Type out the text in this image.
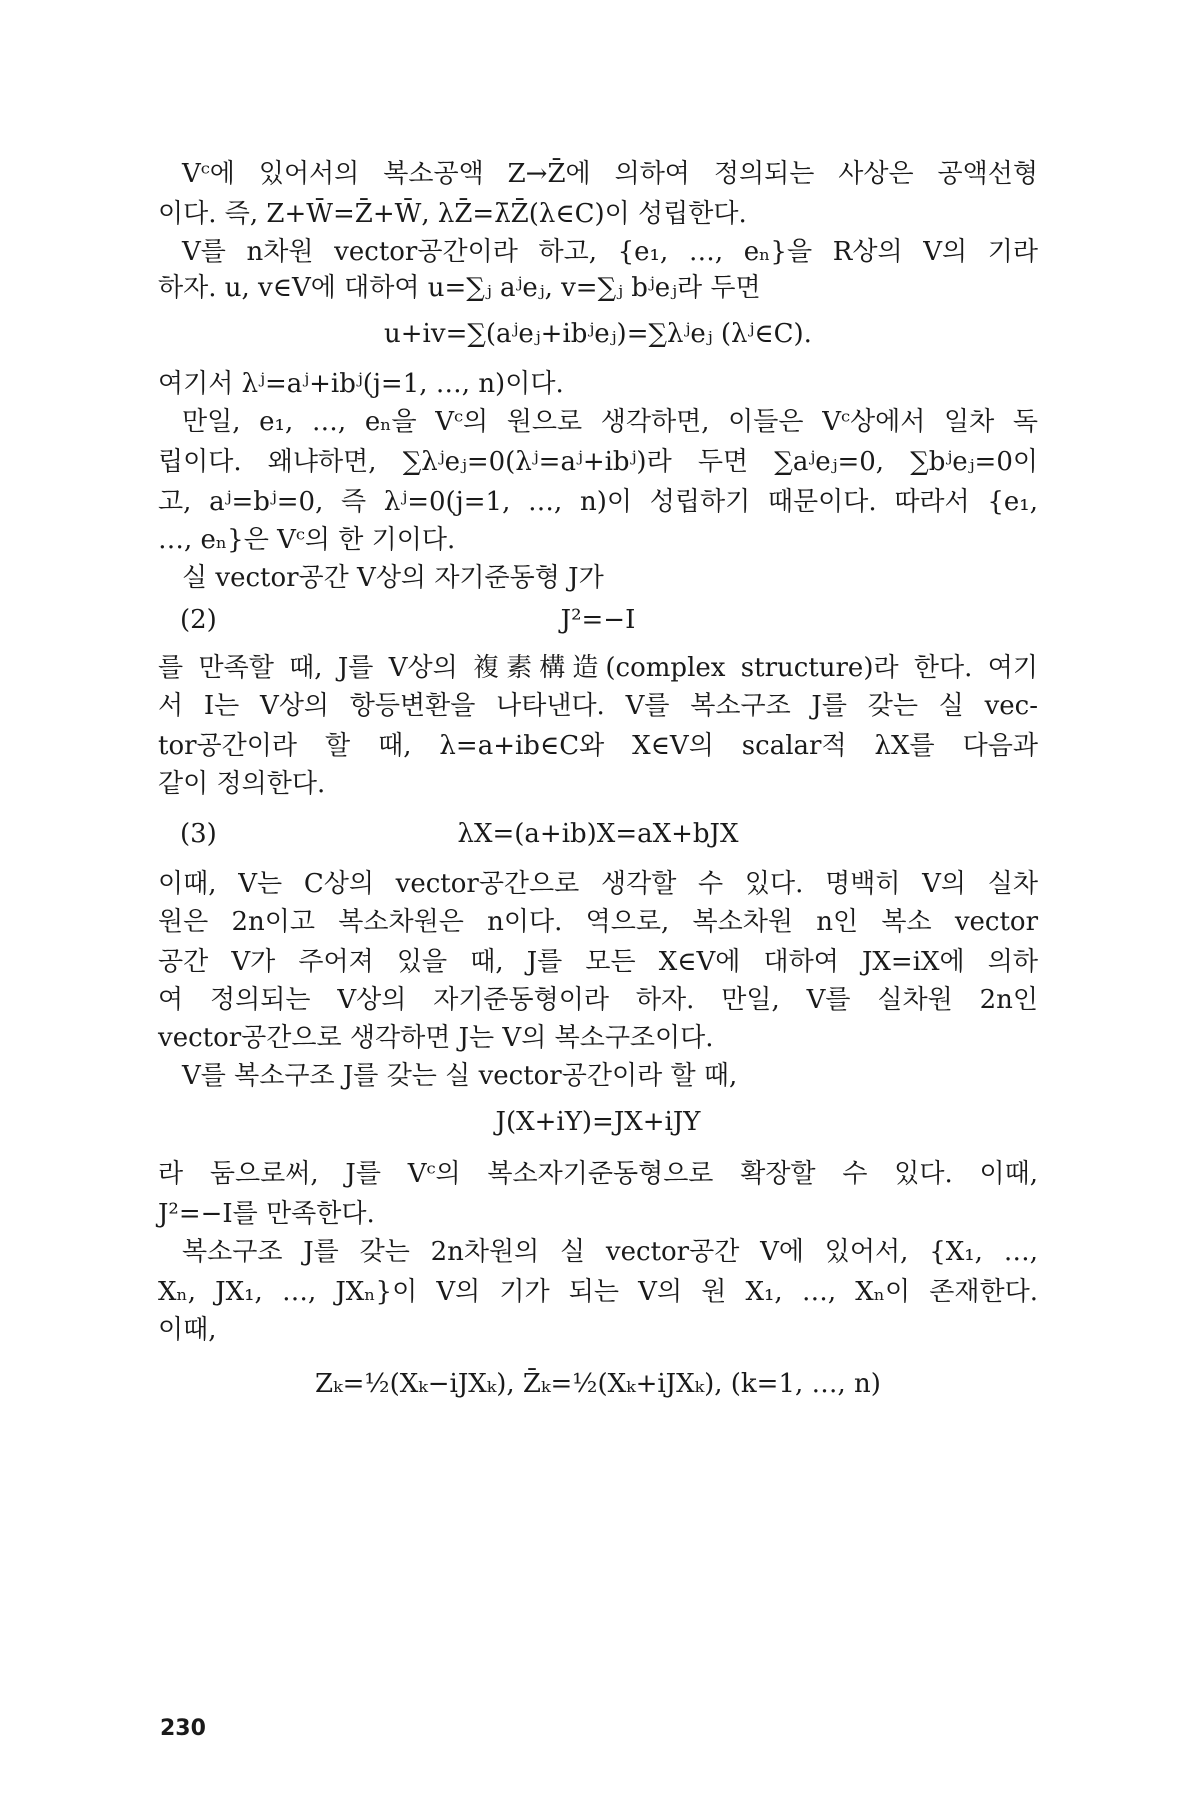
Vᶜ에 있어서의 복소공액 Z→Z̄에 의하여 정의되는 사상은 공액선형
이다. 즉, Z+W̄=Z̄+W̄, λZ̄=λ̄Z̄(λ∈C)이 성립한다.
V를 n차원 vector공간이라 하고, {e₁, …, eₙ}을 R상의 V의 기라
하자. u, v∈V에 대하여 u=∑ⱼ aʲeⱼ, v=∑ⱼ bʲeⱼ라 두면
u+iv=∑(aʲeⱼ+ibʲeⱼ)=∑λʲeⱼ (λʲ∈C).
여기서 λʲ=aʲ+ibʲ(j=1, …, n)이다.
만일, e₁, …, eₙ을 Vᶜ의 원으로 생각하면, 이들은 Vᶜ상에서 일차 독
립이다. 왜냐하면, ∑λʲeⱼ=0(λʲ=aʲ+ibʲ)라 두면 ∑aʲeⱼ=0, ∑bʲeⱼ=0이
고, aʲ=bʲ=0, 즉 λʲ=0(j=1, …, n)이 성립하기 때문이다. 따라서 {e₁,
…, eₙ}은 Vᶜ의 한 기이다.
실 vector공간 V상의 자기준동형 J가
(2)	J²=−I
를 만족할 때, J를 V상의 複素構造(complex structure)라 한다. 여기
서 I는 V상의 항등변환을 나타낸다. V를 복소구조 J를 갖는 실 vec-
tor공간이라 할 때, λ=a+ib∈C와 X∈V의 scalar적 λX를 다음과
같이 정의한다.
(3)	λX=(a+ib)X=aX+bJX
이때, V는 C상의 vector공간으로 생각할 수 있다. 명백히 V의 실차
원은 2n이고 복소차원은 n이다. 역으로, 복소차원 n인 복소 vector
공간 V가 주어져 있을 때, J를 모든 X∈V에 대하여 JX=iX에 의하
여 정의되는 V상의 자기준동형이라 하자. 만일, V를 실차원 2n인
vector공간으로 생각하면 J는 V의 복소구조이다.
V를 복소구조 J를 갖는 실 vector공간이라 할 때,
J(X+iY)=JX+iJY
라 둠으로써, J를 Vᶜ의 복소자기준동형으로 확장할 수 있다. 이때,
J²=−I를 만족한다.
복소구조 J를 갖는 2n차원의 실 vector공간 V에 있어서, {X₁, …,
Xₙ, JX₁, …, JXₙ}이 V의 기가 되는 V의 원 X₁, …, Xₙ이 존재한다.
이때,
Zₖ=½(Xₖ−iJXₖ), Z̄ₖ=½(Xₖ+iJXₖ), (k=1, …, n)
230
